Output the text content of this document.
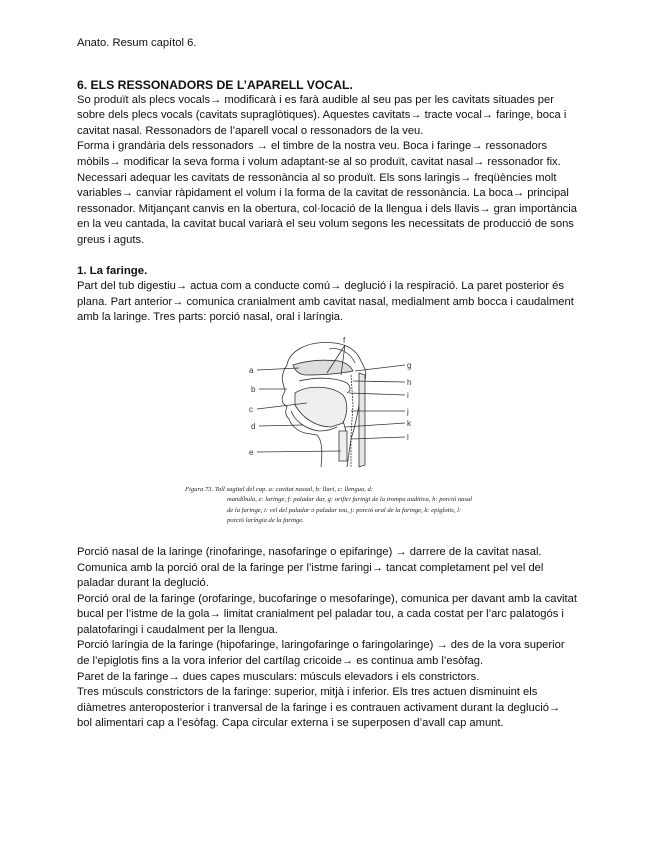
Anato. Resum capítol 6.

6. ELS RESSONADORS DE L’APARELL VOCAL.

So produït als plecs vocals→ modificarà i es farà audible al seu pas per les cavitats situades per sobre dels plecs vocals (cavitats supraglòtiques). Aquestes cavitats→ tracte vocal→ faringe, boca i cavitat nasal. Ressonadors de l’aparell vocal o ressonadors de la veu.

Forma i grandària dels ressonadors → el timbre de la nostra veu. Boca i faringe→ ressonadors mòbils→ modificar la seva forma i volum adaptant-se al so produït, cavitat nasal→ ressonador fix.

Necessari adequar les cavitats de ressonància al so produït. Els sons laringis→ freqüències molt variables→ canviar ràpidament el volum i la forma de la cavitat de ressonància. La boca→ principal ressonador. Mitjançant canvis en la obertura, col·locació de la llengua i dels llavis→ gran importància en la veu cantada, la cavitat bucal variarà el seu volum segons les necessitats de producció de sons greus i aguts.

1. La faringe.

Part del tub digestiu→ actua com a conducte comú→ deglució i la respiració. La paret posterior és plana. Part anterior→ comunica cranialment amb cavitat nasal, medialment amb bocca i caudalment amb la laringe. Tres parts: porció nasal, oral i laríngia.

a
b
c
d
e
f
g
h
i
j
k
l
Figura 73. Tall sagital del cap. a: cavitat nassal, b: llavi, c: llengua, d:
mandíbula, e: laringe, f: paladar dur, g: orifici faringi de la trompa auditiva, h: porció nasal de la faringe, i: vel del paladar o paladar tou, j: porció oral de la faringe, k: epiglotis, l: porció laríngia de la faringe.

Porció nasal de la laringe (rinofaringe, nasofaringe o epifaringe) → darrere de la cavitat nasal. Comunica amb la porció oral de la faringe per l’istme faringi→ tancat completament pel vel del paladar durant la deglució.

Porció oral de la faringe (orofaringe, bucofaringe o mesofaringe), comunica per davant amb la cavitat bucal per l’istme de la gola→ limitat cranialment pel paladar tou, a cada costat per l’arc palatogós i palatofaringi i caudalment per la llengua.

Porció laríngia de la faringe (hipofaringe, laringofaringe o faringolaringe) → des de la vora superior de l’epiglotis fins a la vora inferior del cartílag cricoide→ es continua amb l’esòfag.

Paret de la faringe→ dues capes musculars: músculs elevadors i els constrictors.

Tres músculs constrictors de la faringe: superior, mitjà i inferior. Els tres actuen disminuint els diàmetres anteroposterior i tranversal de la faringe i es contrauen activament durant la deglució→ bol alimentari cap a l’esòfag. Capa circular externa i se superposen d’avall cap amunt.
